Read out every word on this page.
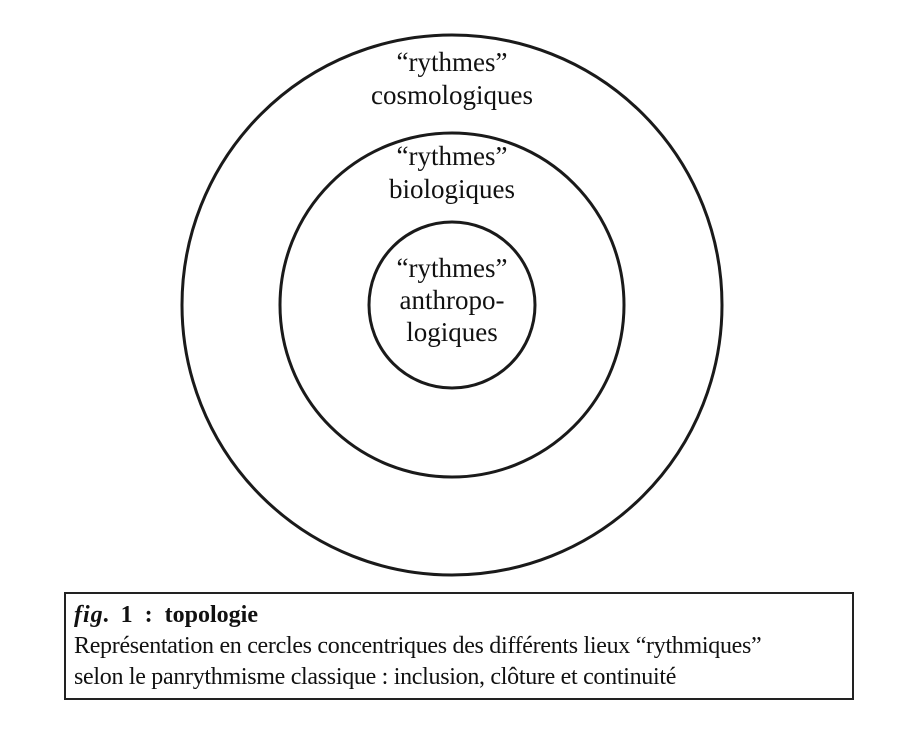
“rythmes”
cosmologiques
“rythmes”
biologiques
“rythmes”
anthropo-
logiques
fig. 1 : topologie
Représentation en cercles concentriques des différents lieux “rythmiques”
selon le panrythmisme classique : inclusion, clôture et continuité
